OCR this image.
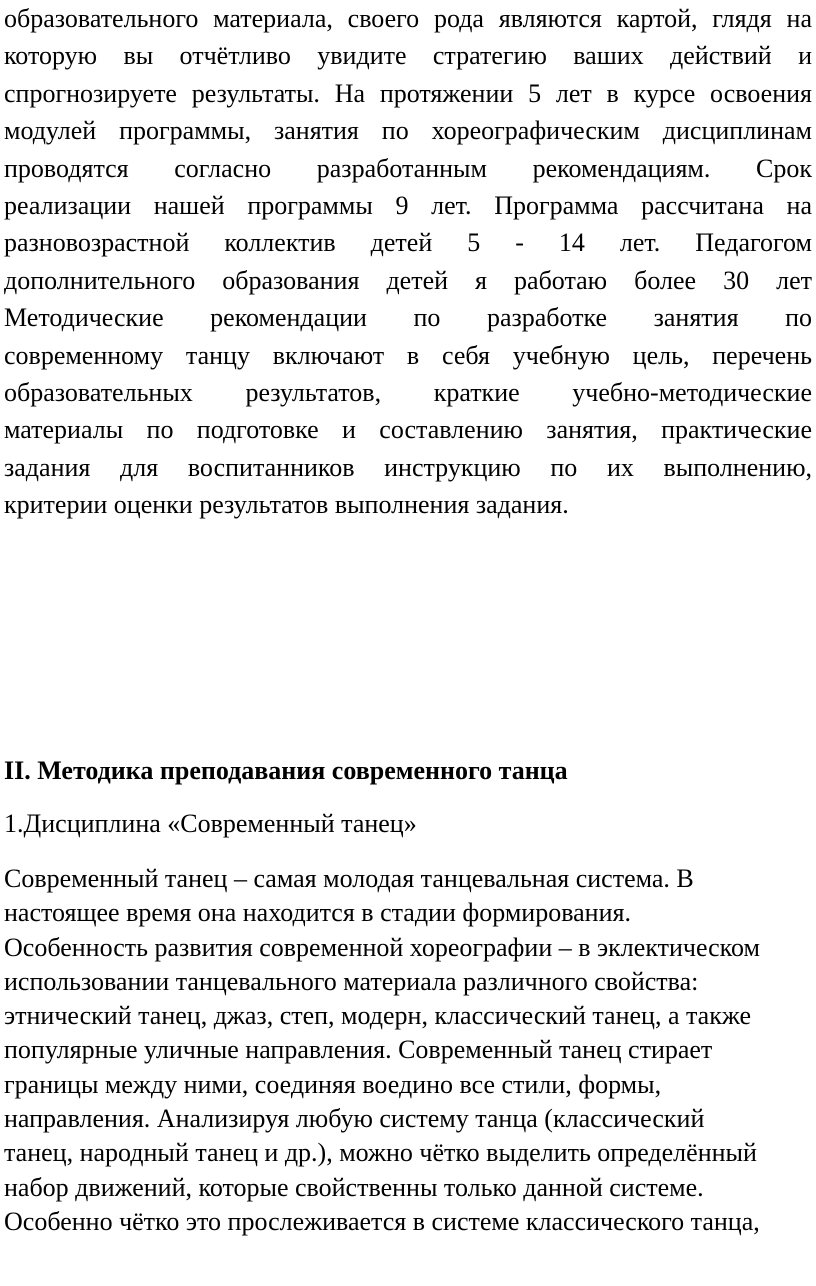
образовательного материала, своего рода являются картой, глядя на
которую вы отчётливо увидите стратегию ваших действий и
спрогнозируете результаты. На протяжении 5 лет в курсе освоения
модулей программы, занятия по хореографическим дисциплинам
проводятся согласно разработанным рекомендациям. Срок
реализации нашей программы 9 лет. Программа рассчитана на
разновозрастной коллектив детей 5 - 14 лет. Педагогом
дополнительного образования детей я работаю более 30 лет
Методические рекомендации по разработке занятия по
современному танцу включают в себя учебную цель, перечень
образовательных результатов, краткие учебно-методические
материалы по подготовке и составлению занятия, практические
задания для воспитанников инструкцию по их выполнению,
критерии оценки результатов выполнения задания.
II. Методика преподавания современного танца
1.Дисциплина «Современный танец»
Современный танец – самая молодая танцевальная система. В
настоящее время она находится в стадии формирования.
Особенность развития современной хореографии – в эклектическом
использовании танцевального материала различного свойства:
этнический танец, джаз, степ, модерн, классический танец, а также
популярные уличные направления. Современный танец стирает
границы между ними, соединяя воедино все стили, формы,
направления. Анализируя любую систему танца (классический
танец, народный танец и др.), можно чётко выделить определённый
набор движений, которые свойственны только данной системе.
Особенно чётко это прослеживается в системе классического танца,
